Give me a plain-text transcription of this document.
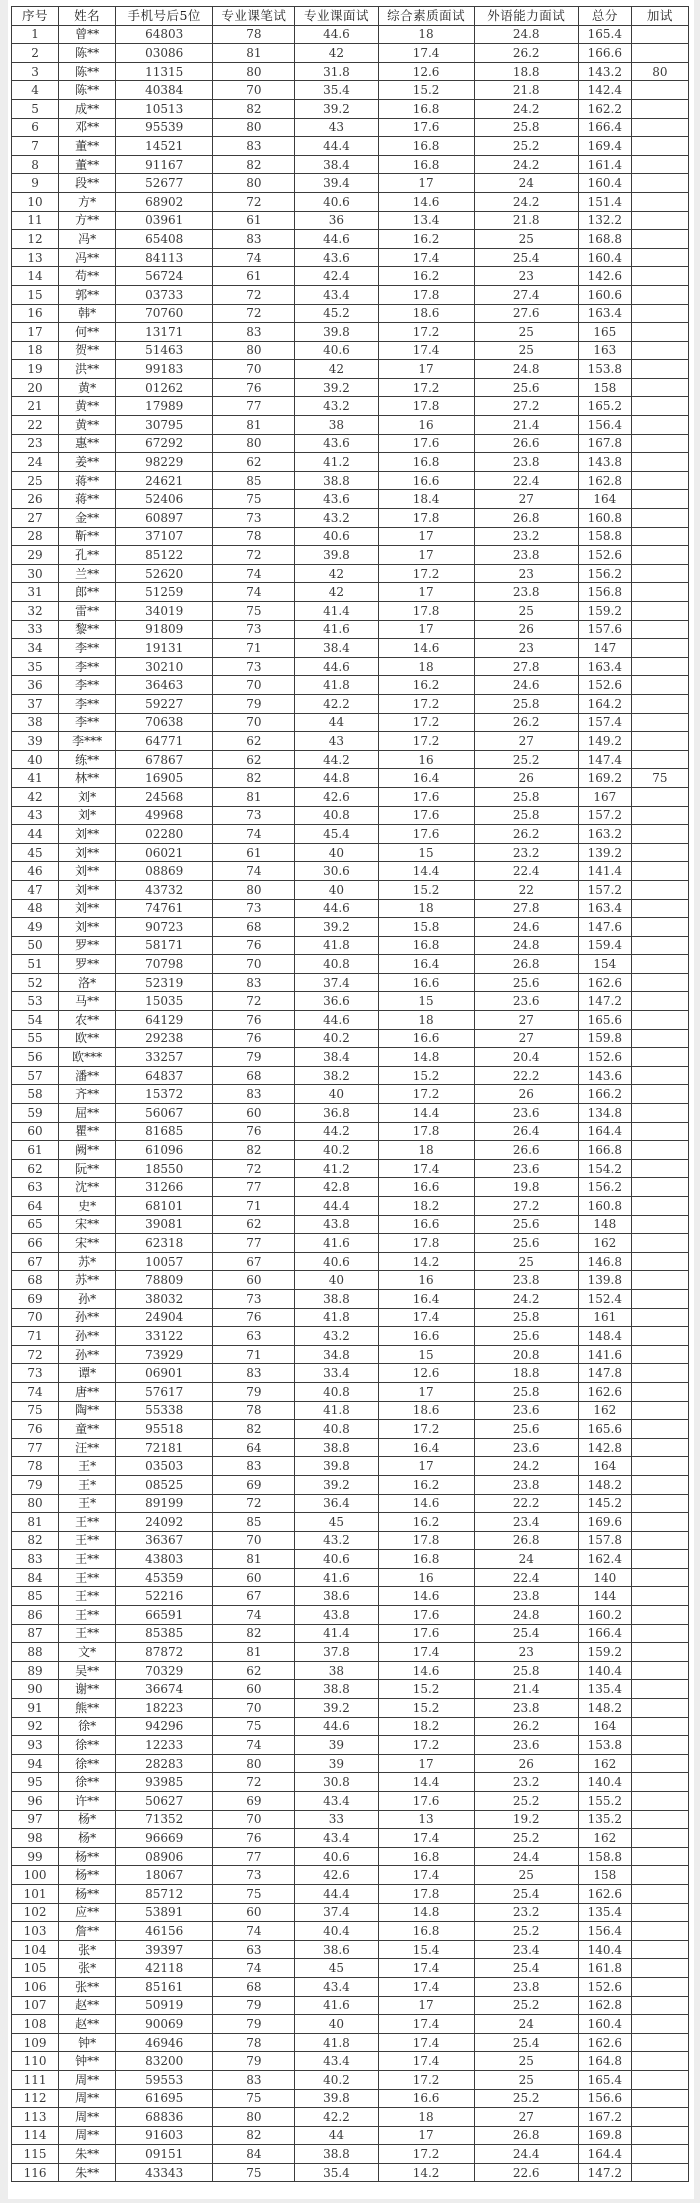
序号	姓名	手机号后5位	专业课笔试	专业课面试	综合素质面试	外语能力面试	总分	加试
1	曾**	64803	78	44.6	18	24.8	165.4	
2	陈**	03086	81	42	17.4	26.2	166.6	
3	陈**	11315	80	31.8	12.6	18.8	143.2	80
4	陈**	40384	70	35.4	15.2	21.8	142.4	
5	成**	10513	82	39.2	16.8	24.2	162.2	
6	邓**	95539	80	43	17.6	25.8	166.4	
7	董**	14521	83	44.4	16.8	25.2	169.4	
8	董**	91167	82	38.4	16.8	24.2	161.4	
9	段**	52677	80	39.4	17	24	160.4	
10	方*	68902	72	40.6	14.6	24.2	151.4	
11	方**	03961	61	36	13.4	21.8	132.2	
12	冯*	65408	83	44.6	16.2	25	168.8	
13	冯**	84113	74	43.6	17.4	25.4	160.4	
14	苟**	56724	61	42.4	16.2	23	142.6	
15	郭**	03733	72	43.4	17.8	27.4	160.6	
16	韩*	70760	72	45.2	18.6	27.6	163.4	
17	何**	13171	83	39.8	17.2	25	165	
18	贺**	51463	80	40.6	17.4	25	163	
19	洪**	99183	70	42	17	24.8	153.8	
20	黄*	01262	76	39.2	17.2	25.6	158	
21	黄**	17989	77	43.2	17.8	27.2	165.2	
22	黄**	30795	81	38	16	21.4	156.4	
23	惠**	67292	80	43.6	17.6	26.6	167.8	
24	姜**	98229	62	41.2	16.8	23.8	143.8	
25	蒋**	24621	85	38.8	16.6	22.4	162.8	
26	蒋**	52406	75	43.6	18.4	27	164	
27	金**	60897	73	43.2	17.8	26.8	160.8	
28	靳**	37107	78	40.6	17	23.2	158.8	
29	孔**	85122	72	39.8	17	23.8	152.6	
30	兰**	52620	74	42	17.2	23	156.2	
31	郎**	51259	74	42	17	23.8	156.8	
32	雷**	34019	75	41.4	17.8	25	159.2	
33	黎**	91809	73	41.6	17	26	157.6	
34	李**	19131	71	38.4	14.6	23	147	
35	李**	30210	73	44.6	18	27.8	163.4	
36	李**	36463	70	41.8	16.2	24.6	152.6	
37	李**	59227	79	42.2	17.2	25.8	164.2	
38	李**	70638	70	44	17.2	26.2	157.4	
39	李***	64771	62	43	17.2	27	149.2	
40	练**	67867	62	44.2	16	25.2	147.4	
41	林**	16905	82	44.8	16.4	26	169.2	75
42	刘*	24568	81	42.6	17.6	25.8	167	
43	刘*	49968	73	40.8	17.6	25.8	157.2	
44	刘**	02280	74	45.4	17.6	26.2	163.2	
45	刘**	06021	61	40	15	23.2	139.2	
46	刘**	08869	74	30.6	14.4	22.4	141.4	
47	刘**	43732	80	40	15.2	22	157.2	
48	刘**	74761	73	44.6	18	27.8	163.4	
49	刘**	90723	68	39.2	15.8	24.6	147.6	
50	罗**	58171	76	41.8	16.8	24.8	159.4	
51	罗**	70798	70	40.8	16.4	26.8	154	
52	洛*	52319	83	37.4	16.6	25.6	162.6	
53	马**	15035	72	36.6	15	23.6	147.2	
54	农**	64129	76	44.6	18	27	165.6	
55	欧**	29238	76	40.2	16.6	27	159.8	
56	欧***	33257	79	38.4	14.8	20.4	152.6	
57	潘**	64837	68	38.2	15.2	22.2	143.6	
58	齐**	15372	83	40	17.2	26	166.2	
59	屈**	56067	60	36.8	14.4	23.6	134.8	
60	瞿**	81685	76	44.2	17.8	26.4	164.4	
61	阙**	61096	82	40.2	18	26.6	166.8	
62	阮**	18550	72	41.2	17.4	23.6	154.2	
63	沈**	31266	77	42.8	16.6	19.8	156.2	
64	史*	68101	71	44.4	18.2	27.2	160.8	
65	宋**	39081	62	43.8	16.6	25.6	148	
66	宋**	62318	77	41.6	17.8	25.6	162	
67	苏*	10057	67	40.6	14.2	25	146.8	
68	苏**	78809	60	40	16	23.8	139.8	
69	孙*	38032	73	38.8	16.4	24.2	152.4	
70	孙**	24904	76	41.8	17.4	25.8	161	
71	孙**	33122	63	43.2	16.6	25.6	148.4	
72	孙**	73929	71	34.8	15	20.8	141.6	
73	谭*	06901	83	33.4	12.6	18.8	147.8	
74	唐**	57617	79	40.8	17	25.8	162.6	
75	陶**	55338	78	41.8	18.6	23.6	162	
76	童**	95518	82	40.8	17.2	25.6	165.6	
77	汪**	72181	64	38.8	16.4	23.6	142.8	
78	王*	03503	83	39.8	17	24.2	164	
79	王*	08525	69	39.2	16.2	23.8	148.2	
80	王*	89199	72	36.4	14.6	22.2	145.2	
81	王**	24092	85	45	16.2	23.4	169.6	
82	王**	36367	70	43.2	17.8	26.8	157.8	
83	王**	43803	81	40.6	16.8	24	162.4	
84	王**	45359	60	41.6	16	22.4	140	
85	王**	52216	67	38.6	14.6	23.8	144	
86	王**	66591	74	43.8	17.6	24.8	160.2	
87	王**	85385	82	41.4	17.6	25.4	166.4	
88	文*	87872	81	37.8	17.4	23	159.2	
89	吴**	70329	62	38	14.6	25.8	140.4	
90	谢**	36674	60	38.8	15.2	21.4	135.4	
91	熊**	18223	70	39.2	15.2	23.8	148.2	
92	徐*	94296	75	44.6	18.2	26.2	164	
93	徐**	12233	74	39	17.2	23.6	153.8	
94	徐**	28283	80	39	17	26	162	
95	徐**	93985	72	30.8	14.4	23.2	140.4	
96	许**	50627	69	43.4	17.6	25.2	155.2	
97	杨*	71352	70	33	13	19.2	135.2	
98	杨*	96669	76	43.4	17.4	25.2	162	
99	杨**	08906	77	40.6	16.8	24.4	158.8	
100	杨**	18067	73	42.6	17.4	25	158	
101	杨**	85712	75	44.4	17.8	25.4	162.6	
102	应**	53891	60	37.4	14.8	23.2	135.4	
103	詹**	46156	74	40.4	16.8	25.2	156.4	
104	张*	39397	63	38.6	15.4	23.4	140.4	
105	张*	42118	74	45	17.4	25.4	161.8	
106	张**	85161	68	43.4	17.4	23.8	152.6	
107	赵**	50919	79	41.6	17	25.2	162.8	
108	赵**	90069	79	40	17.4	24	160.4	
109	钟*	46946	78	41.8	17.4	25.4	162.6	
110	钟**	83200	79	43.4	17.4	25	164.8	
111	周**	59553	83	40.2	17.2	25	165.4	
112	周**	61695	75	39.8	16.6	25.2	156.6	
113	周**	68836	80	42.2	18	27	167.2	
114	周**	91603	82	44	17	26.8	169.8	
115	朱**	09151	84	38.8	17.2	24.4	164.4	
116	朱**	43343	75	35.4	14.2	22.6	147.2	
